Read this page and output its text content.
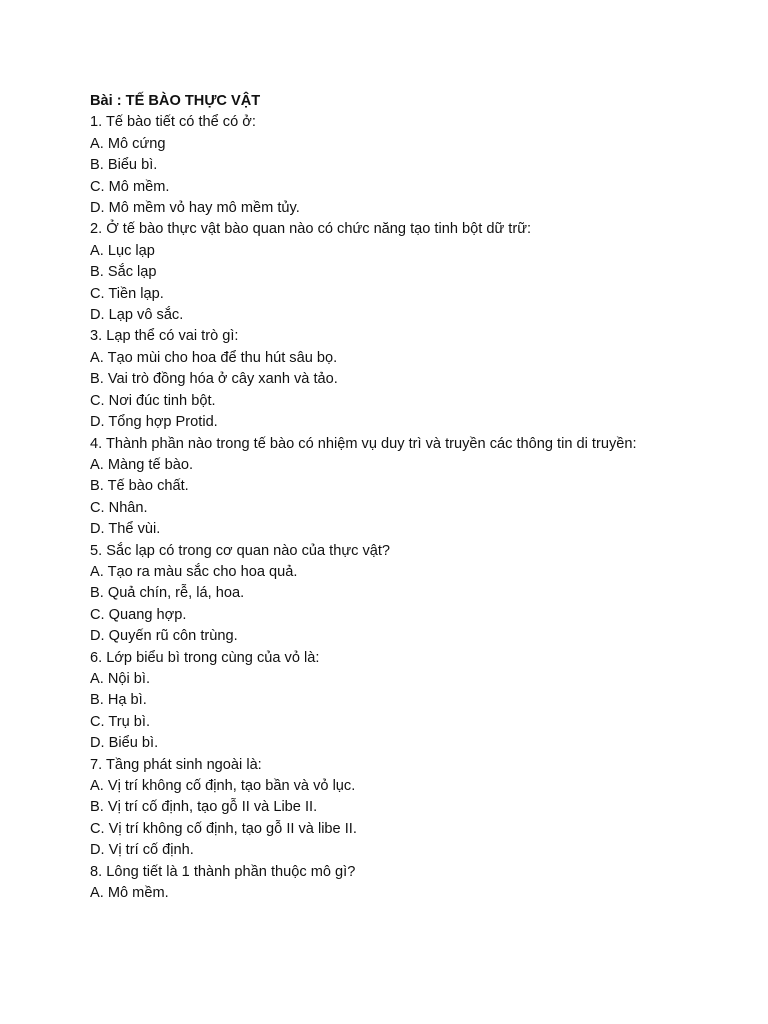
Bài : TẾ BÀO THỰC VẬT

1. Tế bào tiết có thể có ở:

A. Mô cứng

B. Biểu bì.

C. Mô mềm.

D. Mô mềm vỏ hay mô mềm tủy.

2. Ở tế bào thực vật bào quan nào có chức năng tạo tinh bột dữ trữ:

A. Lục lạp

B. Sắc lạp

C. Tiền lạp.

D. Lạp vô sắc.

3. Lạp thể có vai trò gì:

A. Tạo mùi cho hoa để thu hút sâu bọ.

B. Vai trò đồng hóa ở cây xanh và tảo.

C. Nơi đúc tinh bột.

D. Tổng hợp Protid.

4. Thành phần nào trong tế bào có nhiệm vụ duy trì và truyền các thông tin di truyền:

A. Màng tế bào.

B. Tế bào chất.

C. Nhân.

D. Thể vùi.

5. Sắc lạp có trong cơ quan nào của thực vật?

A. Tạo ra màu sắc cho hoa quả.

B. Quả chín, rễ, lá, hoa.

C. Quang hợp.

D. Quyến rũ côn trùng.

6. Lớp biểu bì trong cùng của vỏ là:

A. Nội bì.

B. Hạ bì.

C. Trụ bì.

D. Biểu bì.

7. Tầng phát sinh ngoài là:

A. Vị trí không cố định, tạo bần và vỏ lục.

B. Vị trí cố định, tạo gỗ II và Libe II.

C. Vị trí không cố định, tạo gỗ II và libe II.

D. Vị trí cố định.

8. Lông tiết là 1 thành phần thuộc mô gì?

A. Mô mềm.
